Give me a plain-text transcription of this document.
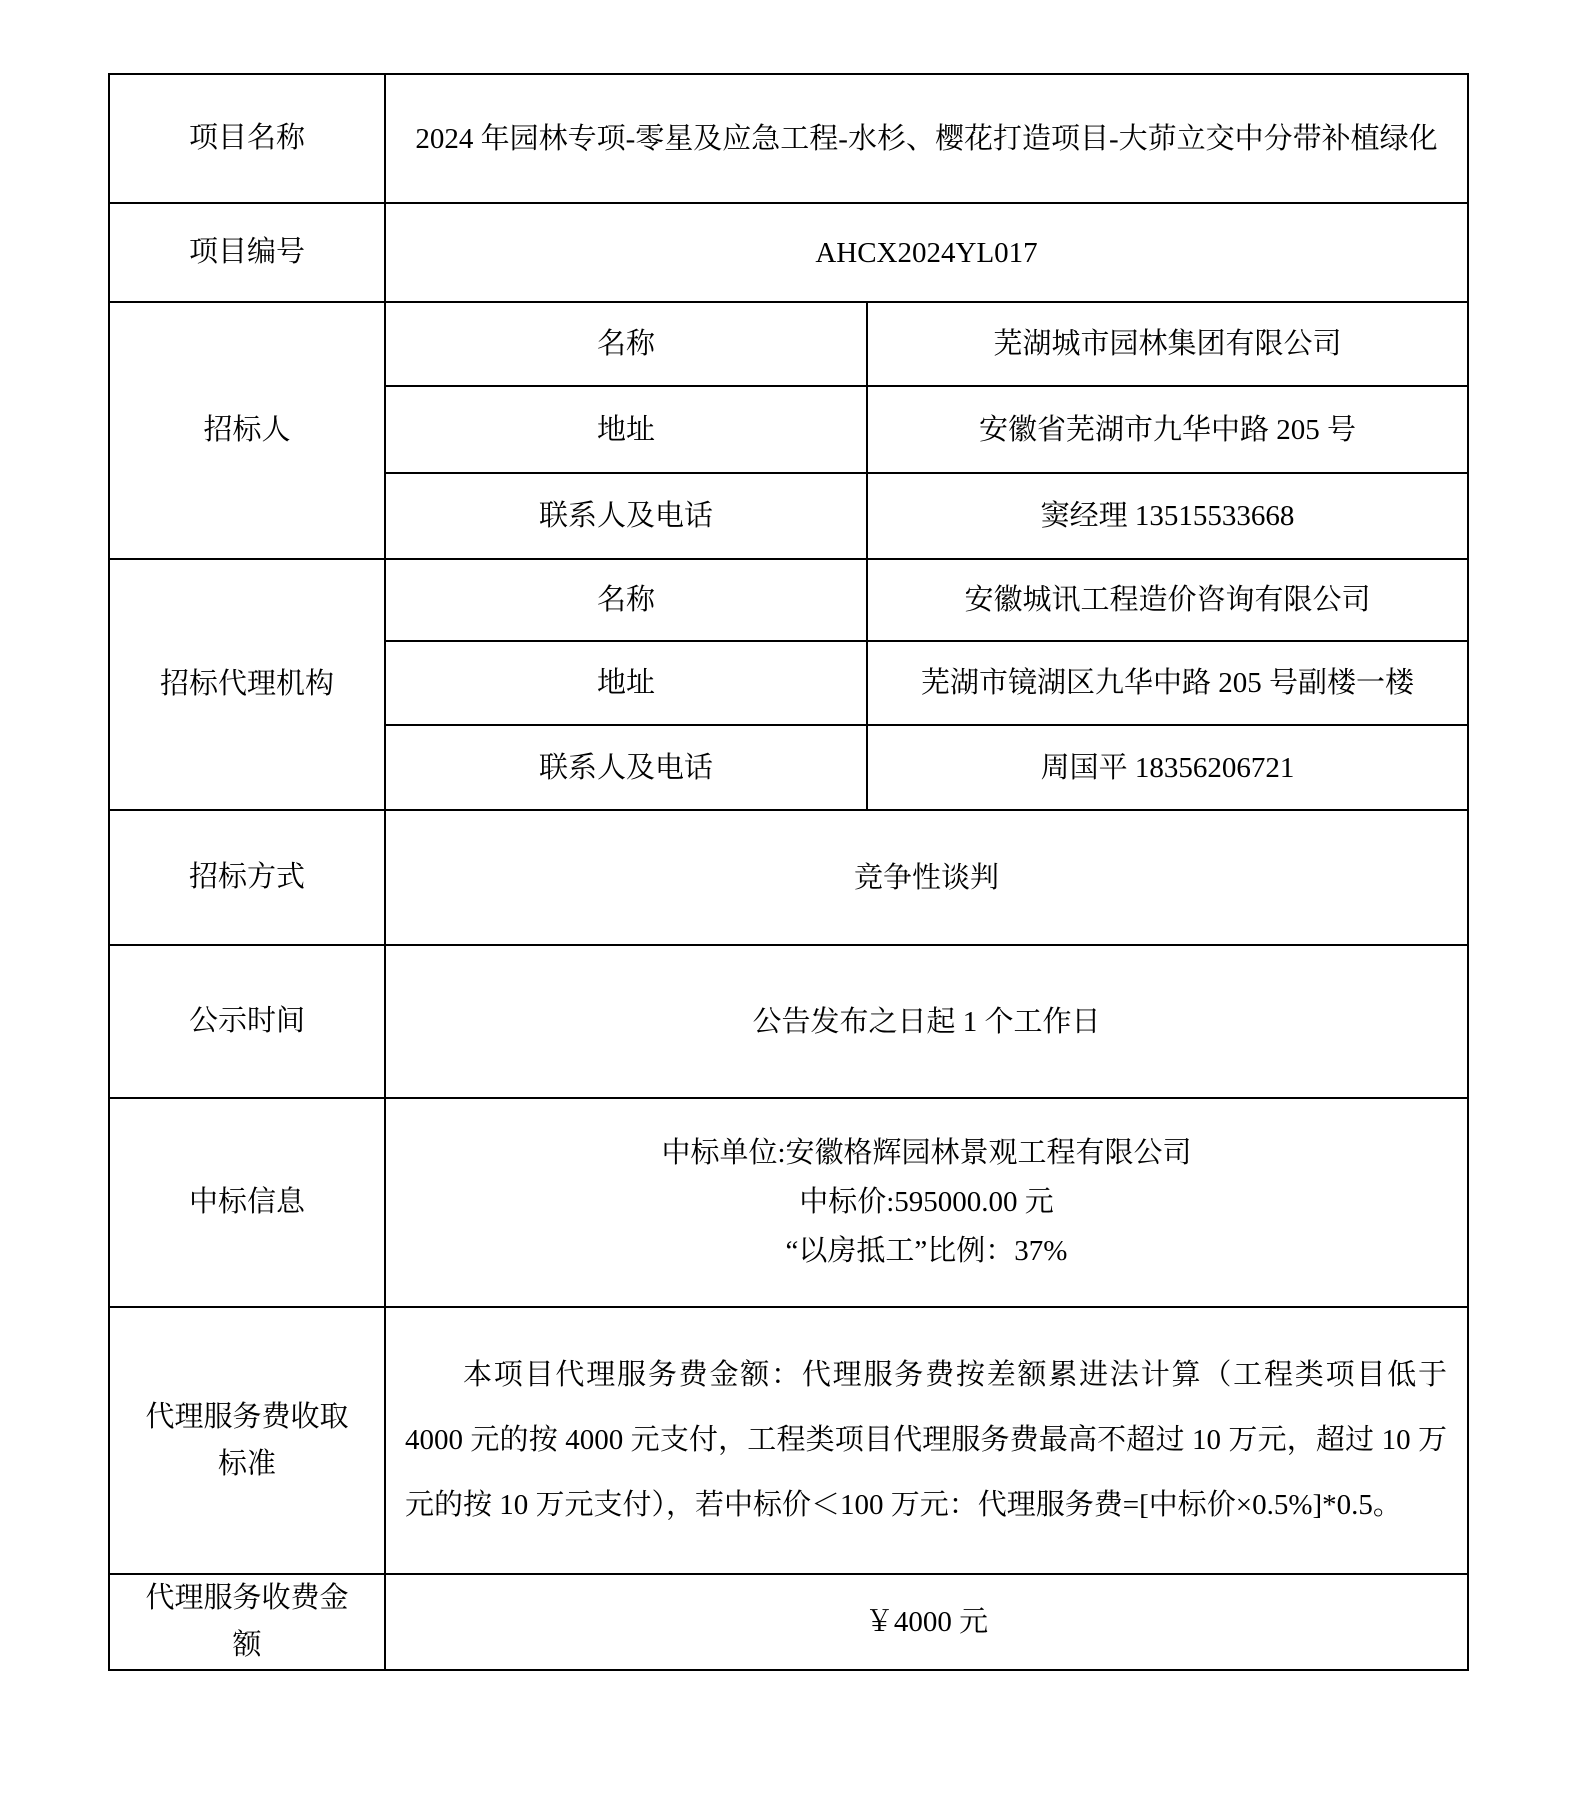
项目名称	2024 年园林专项-零星及应急工程-水杉、樱花打造项目-大茆立交中分带补植绿化	
项目编号	AHCX2024YL017	
招标人	名称	芜湖城市园林集团有限公司
	地址	安徽省芜湖市九华中路 205 号
	联系人及电话	窦经理 13515533668
招标代理机构	名称	安徽城讯工程造价咨询有限公司
	地址	芜湖市镜湖区九华中路 205 号副楼一楼
	联系人及电话	周国平 18356206721
招标方式	竞争性谈判	
公示时间	公告发布之日起 1 个工作日	
中标信息	中标单位:安徽格辉园林景观工程有限公司
中标价:595000.00 元
“以房抵工”比例：37%	

代理服务费收取标准	本项目代理服务费金额：代理服务费按差额累进法计算（工程类项目低于 4000 元的按 4000 元支付，工程类项目代理服务费最高不超过 10 万元，超过 10 万元的按 10 万元支付），若中标价＜100 万元：代理服务费=[中标价×0.5%]*0.5。	

代理服务收费金额	￥4000 元	
